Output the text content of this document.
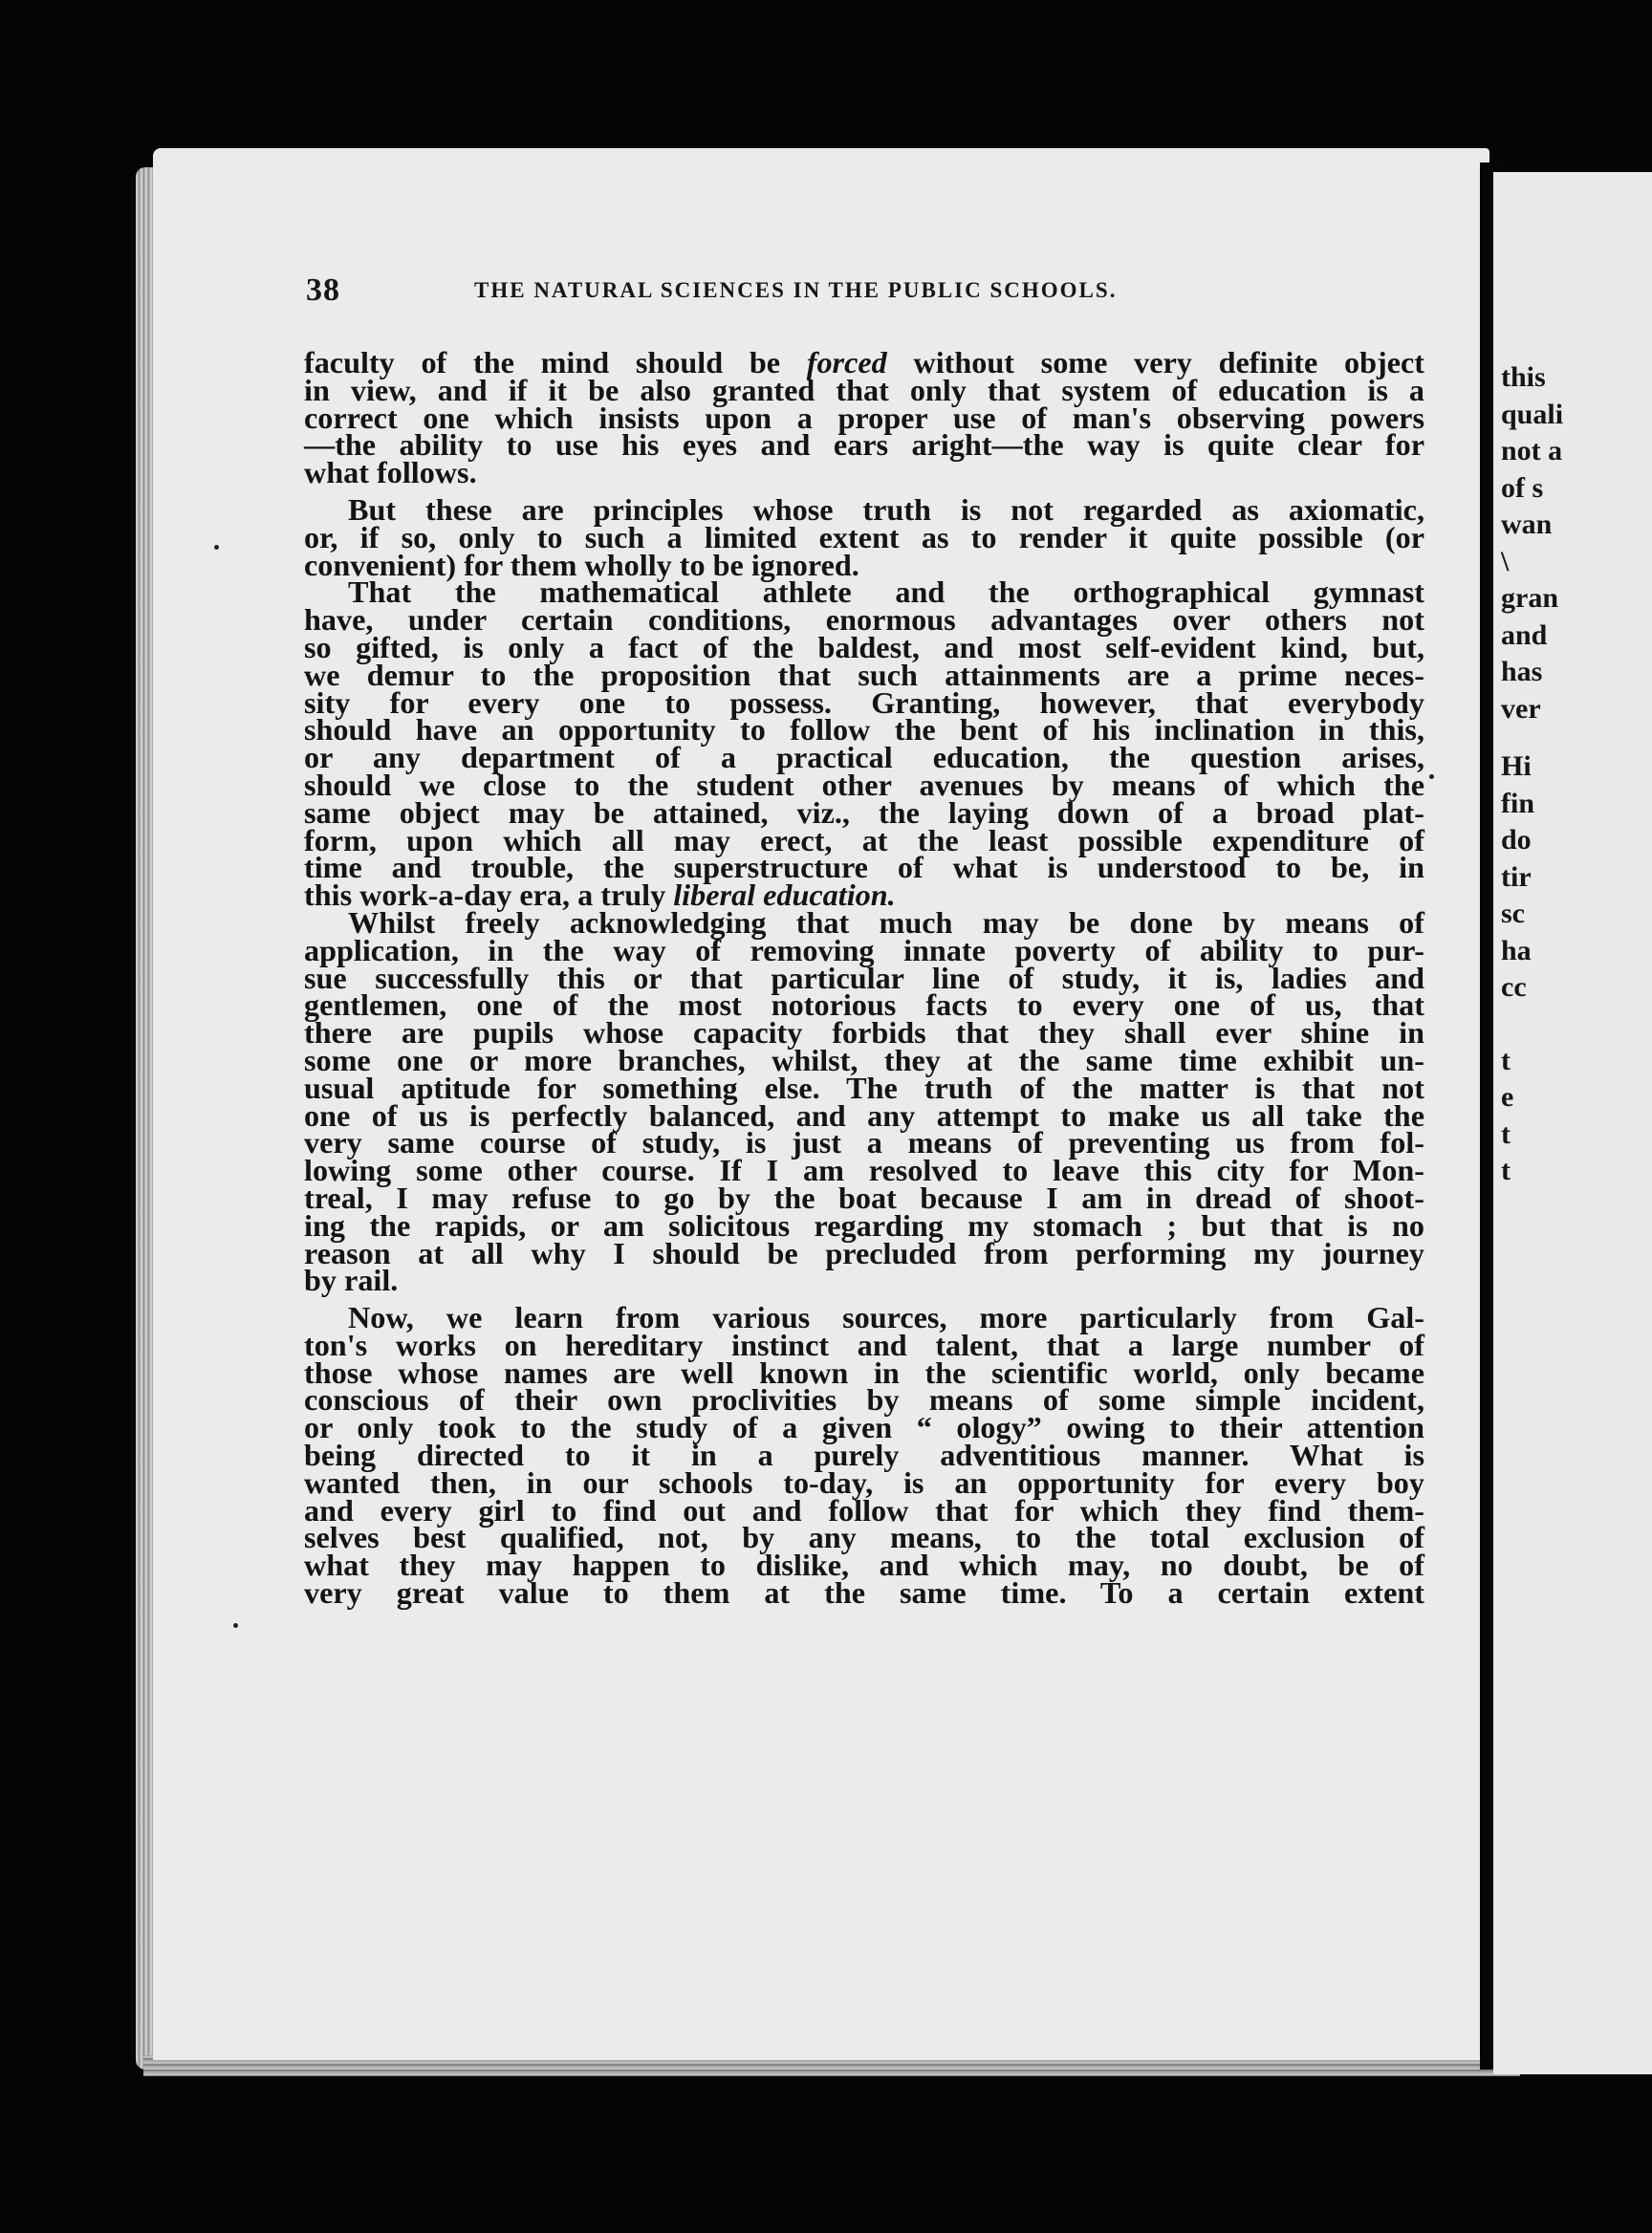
38	THE NATURAL SCIENCES IN THE PUBLIC SCHOOLS.
faculty of the mind should be forced without some very definite object
in view, and if it be also granted that only that system of education is a
correct one which insists upon a proper use of man's observing powers
—the ability to use his eyes and ears aright—the way is quite clear for
what follows.
But these are principles whose truth is not regarded as axiomatic,
or, if so, only to such a limited extent as to render it quite possible (or
convenient) for them wholly to be ignored.
That the mathematical athlete and the orthographical gymnast
have, under certain conditions, enormous advantages over others not
so gifted, is only a fact of the baldest, and most self-evident kind, but,
we demur to the proposition that such attainments are a prime neces-
sity for every one to possess. Granting, however, that everybody
should have an opportunity to follow the bent of his inclination in this,
or any department of a practical education, the question arises,
should we close to the student other avenues by means of which the
same object may be attained, viz., the laying down of a broad plat-
form, upon which all may erect, at the least possible expenditure of
time and trouble, the superstructure of what is understood to be, in
this work-a-day era, a truly liberal education.
Whilst freely acknowledging that much may be done by means of
application, in the way of removing innate poverty of ability to pur-
sue successfully this or that particular line of study, it is, ladies and
gentlemen, one of the most notorious facts to every one of us, that
there are pupils whose capacity forbids that they shall ever shine in
some one or more branches, whilst, they at the same time exhibit un-
usual aptitude for something else. The truth of the matter is that not
one of us is perfectly balanced, and any attempt to make us all take the
very same course of study, is just a means of preventing us from fol-
lowing some other course. If I am resolved to leave this city for Mon-
treal, I may refuse to go by the boat because I am in dread of shoot-
ing the rapids, or am solicitous regarding my stomach ; but that is no
reason at all why I should be precluded from performing my journey
by rail.
Now, we learn from various sources, more particularly from Gal-
ton's works on hereditary instinct and talent, that a large number of
those whose names are well known in the scientific world, only became
conscious of their own proclivities by means of some simple incident,
or only took to the study of a given “ ology” owing to their attention
being directed to it in a purely adventitious manner. What is
wanted then, in our schools to-day, is an opportunity for every boy
and every girl to find out and follow that for which they find them-
selves best qualified, not, by any means, to the total exclusion of
what they may happen to dislike, and which may, no doubt, be of
very great value to them at the same time. To a certain extent
this
quali
not a
of s
wan
\
gran
and
has
ver
Hi
fin
do
tir
sc
ha
cc
t
e
t
t
